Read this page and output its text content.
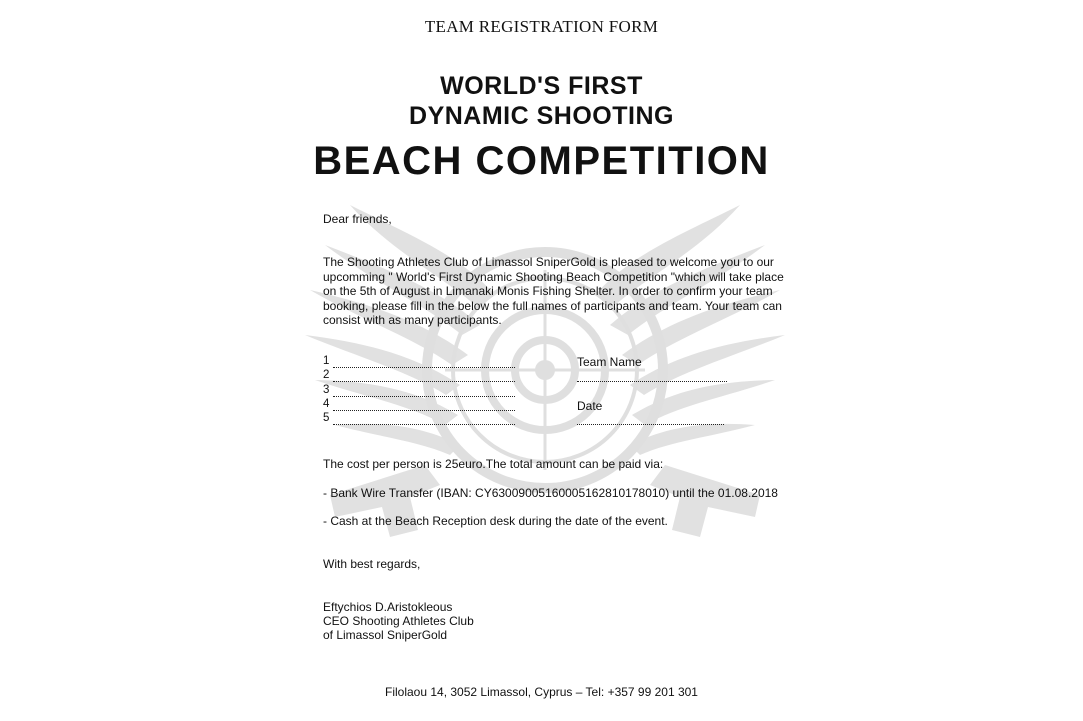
TEAM REGISTRATION FORM
WORLD'S FIRST
DYNAMIC SHOOTING
BEACH COMPETITION
Dear friends,
The Shooting Athletes Club of Limassol SniperGold is pleased to welcome you to our
upcomming " World's First Dynamic Shooting Beach Competition "which will take place
on the 5th of August in Limanaki Monis Fishing Shelter. In order to confirm your team
booking, please fill in the below the full names of participants and team. Your team can
consist with as many participants.
1
2
3
4
5
Team Name
Date
The cost per person is 25euro.The total amount can be paid via:
- Bank Wire Transfer (IBAN: CY63009005160005162810178010) until the 01.08.2018
- Cash at the Beach Reception desk during the date of the event.
With best regards,
Eftychios D.Aristokleous
CEO Shooting Athletes Club
of Limassol SniperGold
Filolaou 14, 3052 Limassol, Cyprus – Tel: +357 99 201 301
